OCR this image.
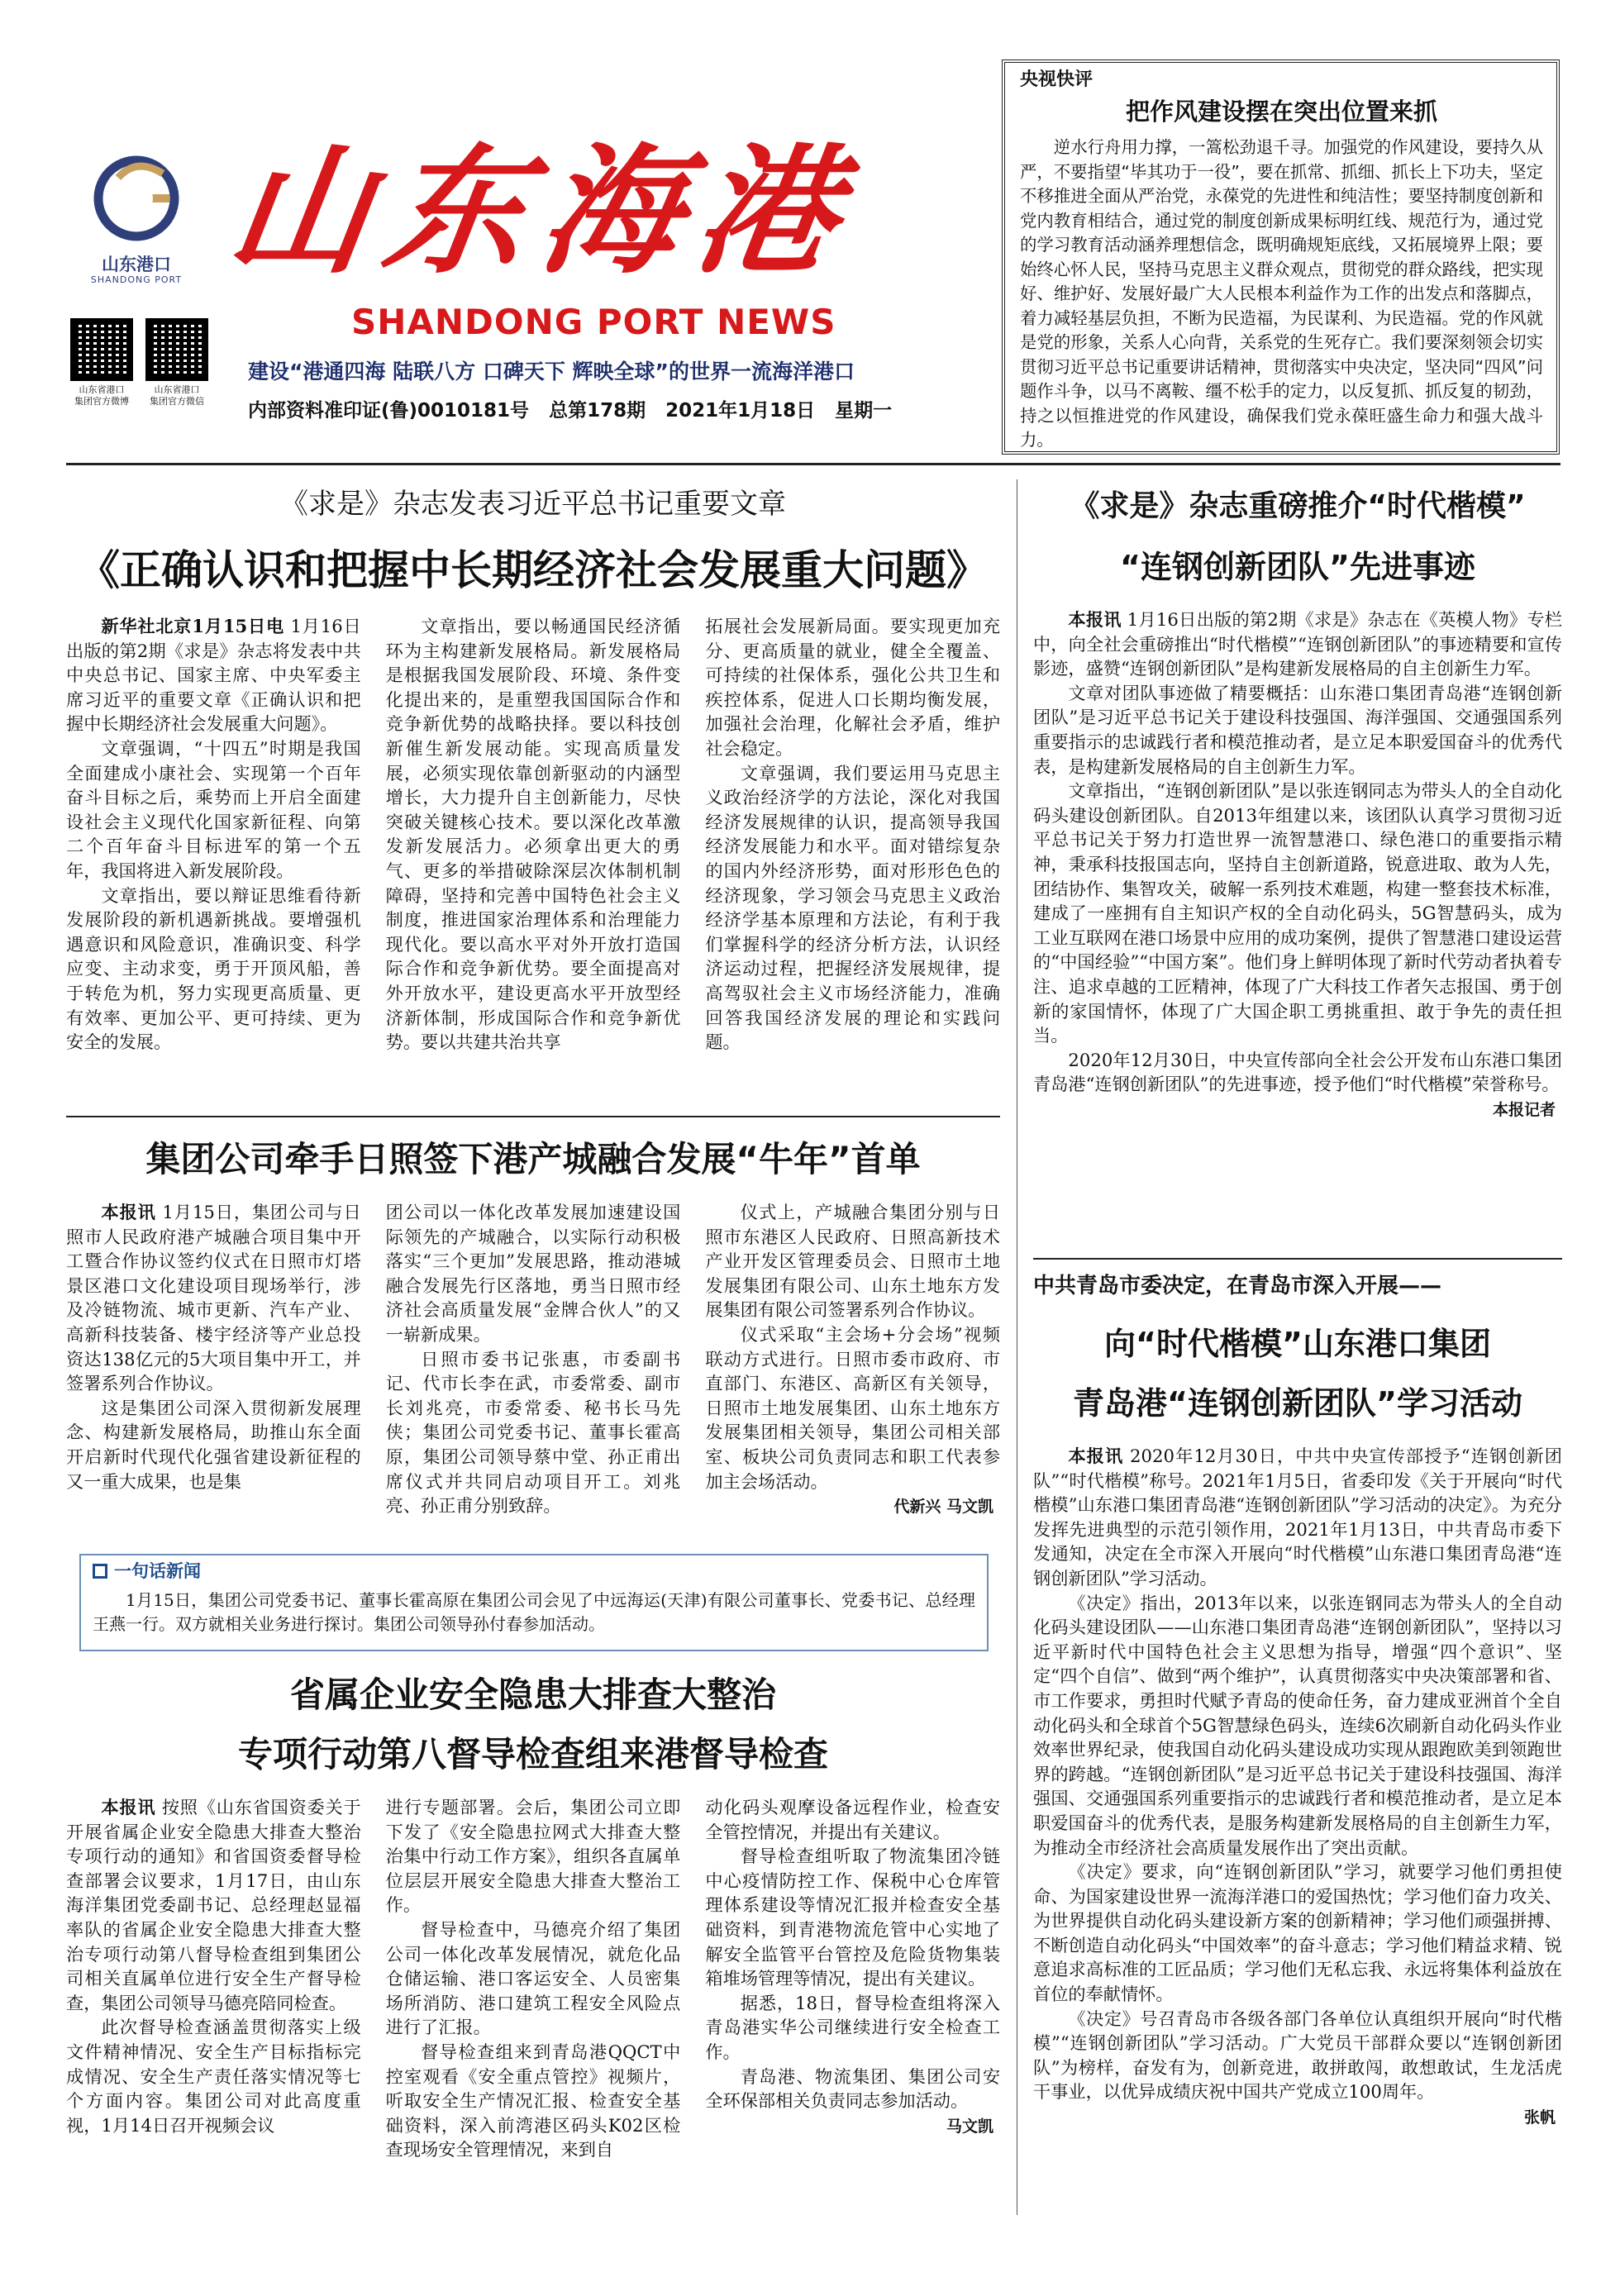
山东港口
SHANDONG PORT 山东海港
SHANDONG PORT NEWS
山东省港口
集团官方微博
山东省港口
集团官方微信
建设“港通四海 陆联八方 口碑天下 辉映全球”的世界一流海洋港口
内部资料准印证(鲁)0010181号   总第178期   2021年1月18日   星期一
央视快评
把作风建设摆在突出位置来抓

逆水行舟用力撑，一篙松劲退千寻。加强党的作风建设，要持久从严，不要指望“毕其功于一役”，要在抓常、抓细、抓长上下功夫，坚定不移推进全面从严治党，永葆党的先进性和纯洁性；要坚持制度创新和党内教育相结合，通过党的制度创新成果标明红线、规范行为，通过党的学习教育活动涵养理想信念，既明确规矩底线，又拓展境界上限；要始终心怀人民，坚持马克思主义群众观点，贯彻党的群众路线，把实现好、维护好、发展好最广大人民根本利益作为工作的出发点和落脚点，着力减轻基层负担，不断为民造福，为民谋利、为民造福。党的作风就是党的形象，关系人心向背，关系党的生死存亡。我们要深刻领会切实贯彻习近平总书记重要讲话精神，贯彻落实中央决定，坚决同“四风”问题作斗争，以马不离鞍、缰不松手的定力，以反复抓、抓反复的韧劲，持之以恒推进党的作风建设，确保我们党永葆旺盛生命力和强大战斗力。

《求是》杂志发表习近平总书记重要文章
《正确认识和把握中长期经济社会发展重大问题》

新华社北京1月15日电 1月16日出版的第2期《求是》杂志将发表中共中央总书记、国家主席、中央军委主席习近平的重要文章《正确认识和把握中长期经济社会发展重大问题》。

文章强调，“十四五”时期是我国全面建成小康社会、实现第一个百年奋斗目标之后，乘势而上开启全面建设社会主义现代化国家新征程、向第二个百年奋斗目标进军的第一个五年，我国将进入新发展阶段。

文章指出，要以辩证思维看待新发展阶段的新机遇新挑战。要增强机遇意识和风险意识，准确识变、科学应变、主动求变，勇于开顶风船，善于转危为机，努力实现更高质量、更有效率、更加公平、更可持续、更为安全的发展。

文章指出，要以畅通国民经济循环为主构建新发展格局。新发展格局是根据我国发展阶段、环境、条件变化提出来的，是重塑我国国际合作和竞争新优势的战略抉择。要以科技创新催生新发展动能。实现高质量发展，必须实现依靠创新驱动的内涵型增长，大力提升自主创新能力，尽快突破关键核心技术。要以深化改革激发新发展活力。必须拿出更大的勇气、更多的举措破除深层次体制机制障碍，坚持和完善中国特色社会主义制度，推进国家治理体系和治理能力现代化。要以高水平对外开放打造国际合作和竞争新优势。要全面提高对外开放水平，建设更高水平开放型经济新体制，形成国际合作和竞争新优势。要以共建共治共享

拓展社会发展新局面。要实现更加充分、更高质量的就业，健全全覆盖、可持续的社保体系，强化公共卫生和疾控体系，促进人口长期均衡发展，加强社会治理，化解社会矛盾，维护社会稳定。

文章强调，我们要运用马克思主义政治经济学的方法论，深化对我国经济发展规律的认识，提高领导我国经济发展能力和水平。面对错综复杂的国内外经济形势，面对形形色色的经济现象，学习领会马克思主义政治经济学基本原理和方法论，有利于我们掌握科学的经济分析方法，认识经济运动过程，把握经济发展规律，提高驾驭社会主义市场经济能力，准确回答我国经济发展的理论和实践问题。

集团公司牵手日照签下港产城融合发展“牛年”首单

本报讯 1月15日，集团公司与日照市人民政府港产城融合项目集中开工暨合作协议签约仪式在日照市灯塔景区港口文化建设项目现场举行，涉及冷链物流、城市更新、汽车产业、高新科技装备、楼宇经济等产业总投资达138亿元的5大项目集中开工，并签署系列合作协议。

这是集团公司深入贯彻新发展理念、构建新发展格局，助推山东全面开启新时代现代化强省建设新征程的又一重大成果，也是集

团公司以一体化改革发展加速建设国际领先的产城融合，以实际行动积极落实“三个更加”发展思路，推动港城融合发展先行区落地，勇当日照市经济社会高质量发展“金牌合伙人”的又一崭新成果。

日照市委书记张惠，市委副书记、代市长李在武，市委常委、副市长刘兆亮，市委常委、秘书长马先侠；集团公司党委书记、董事长霍高原，集团公司领导蔡中堂、孙正甫出席仪式并共同启动项目开工。刘兆亮、孙正甫分别致辞。

仪式上，产城融合集团分别与日照市东港区人民政府、日照高新技术产业开发区管理委员会、日照市土地发展集团有限公司、山东土地东方发展集团有限公司签署系列合作协议。

仪式采取“主会场+分会场”视频联动方式进行。日照市委市政府、市直部门、东港区、高新区有关领导，日照市土地发展集团、山东土地东方发展集团相关领导，集团公司相关部室、板块公司负责同志和职工代表参加主会场活动。

代新兴 马文凯
一句话新闻

1月15日，集团公司党委书记、董事长霍高原在集团公司会见了中远海运(天津)有限公司董事长、党委书记、总经理王燕一行。双方就相关业务进行探讨。集团公司领导孙付春参加活动。

省属企业安全隐患大排查大整治
专项行动第八督导检查组来港督导检查

本报讯 按照《山东省国资委关于开展省属企业安全隐患大排查大整治专项行动的通知》和省国资委督导检查部署会议要求，1月17日，由山东海洋集团党委副书记、总经理赵显福率队的省属企业安全隐患大排查大整治专项行动第八督导检查组到集团公司相关直属单位进行安全生产督导检查，集团公司领导马德亮陪同检查。

此次督导检查涵盖贯彻落实上级文件精神情况、安全生产目标指标完成情况、安全生产责任落实情况等七个方面内容。集团公司对此高度重视，1月14日召开视频会议

进行专题部署。会后，集团公司立即下发了《安全隐患拉网式大排查大整治集中行动工作方案》，组织各直属单位层层开展安全隐患大排查大整治工作。

督导检查中，马德亮介绍了集团公司一体化改革发展情况，就危化品仓储运输、港口客运安全、人员密集场所消防、港口建筑工程安全风险点进行了汇报。

督导检查组来到青岛港QQCT中控室观看《安全重点管控》视频片，听取安全生产情况汇报、检查安全基础资料，深入前湾港区码头K02区检查现场安全管理情况，来到自

动化码头观摩设备远程作业，检查安全管控情况，并提出有关建议。

督导检查组听取了物流集团冷链中心疫情防控工作、保税中心仓库管理体系建设等情况汇报并检查安全基础资料，到青港物流危管中心实地了解安全监管平台管控及危险货物集装箱堆场管理等情况，提出有关建议。

据悉，18日，督导检查组将深入青岛港实华公司继续进行安全检查工作。

青岛港、物流集团、集团公司安全环保部相关负责同志参加活动。

马文凯
《求是》杂志重磅推介“时代楷模”
“连钢创新团队”先进事迹

本报讯 1月16日出版的第2期《求是》杂志在《英模人物》专栏中，向全社会重磅推出“时代楷模”“连钢创新团队”的事迹精要和宣传影迹，盛赞“连钢创新团队”是构建新发展格局的自主创新生力军。

文章对团队事迹做了精要概括：山东港口集团青岛港“连钢创新团队”是习近平总书记关于建设科技强国、海洋强国、交通强国系列重要指示的忠诚践行者和模范推动者，是立足本职爱国奋斗的优秀代表，是构建新发展格局的自主创新生力军。

文章指出，“连钢创新团队”是以张连钢同志为带头人的全自动化码头建设创新团队。自2013年组建以来，该团队认真学习贯彻习近平总书记关于努力打造世界一流智慧港口、绿色港口的重要指示精神，秉承科技报国志向，坚持自主创新道路，锐意进取、敢为人先，团结协作、集智攻关，破解一系列技术难题，构建一整套技术标准，建成了一座拥有自主知识产权的全自动化码头，5G智慧码头，成为工业互联网在港口场景中应用的成功案例，提供了智慧港口建设运营的“中国经验”“中国方案”。他们身上鲜明体现了新时代劳动者执着专注、追求卓越的工匠精神，体现了广大科技工作者矢志报国、勇于创新的家国情怀，体现了广大国企职工勇挑重担、敢于争先的责任担当。

2020年12月30日，中央宣传部向全社会公开发布山东港口集团青岛港“连钢创新团队”的先进事迹，授予他们“时代楷模”荣誉称号。

本报记者
中共青岛市委决定，在青岛市深入开展——
向“时代楷模”山东港口集团
青岛港“连钢创新团队”学习活动

本报讯 2020年12月30日，中共中央宣传部授予“连钢创新团队”“时代楷模”称号。2021年1月5日，省委印发《关于开展向“时代楷模”山东港口集团青岛港“连钢创新团队”学习活动的决定》。为充分发挥先进典型的示范引领作用，2021年1月13日，中共青岛市委下发通知，决定在全市深入开展向“时代楷模”山东港口集团青岛港“连钢创新团队”学习活动。

《决定》指出，2013年以来，以张连钢同志为带头人的全自动化码头建设团队——山东港口集团青岛港“连钢创新团队”，坚持以习近平新时代中国特色社会主义思想为指导，增强“四个意识”、坚定“四个自信”、做到“两个维护”，认真贯彻落实中央决策部署和省、市工作要求，勇担时代赋予青岛的使命任务，奋力建成亚洲首个全自动化码头和全球首个5G智慧绿色码头，连续6次刷新自动化码头作业效率世界纪录，使我国自动化码头建设成功实现从跟跑欧美到领跑世界的跨越。“连钢创新团队”是习近平总书记关于建设科技强国、海洋强国、交通强国系列重要指示的忠诚践行者和模范推动者，是立足本职爱国奋斗的优秀代表，是服务构建新发展格局的自主创新生力军，为推动全市经济社会高质量发展作出了突出贡献。

《决定》要求，向“连钢创新团队”学习，就要学习他们勇担使命、为国家建设世界一流海洋港口的爱国热忱；学习他们奋力攻关、为世界提供自动化码头建设新方案的创新精神；学习他们顽强拼搏、不断创造自动化码头“中国效率”的奋斗意志；学习他们精益求精、锐意追求高标准的工匠品质；学习他们无私忘我、永远将集体利益放在首位的奉献情怀。

《决定》号召青岛市各级各部门各单位认真组织开展向“时代楷模”“连钢创新团队”学习活动。广大党员干部群众要以“连钢创新团队”为榜样，奋发有为，创新竞进，敢拼敢闯，敢想敢试，生龙活虎干事业，以优异成绩庆祝中国共产党成立100周年。

张帆
